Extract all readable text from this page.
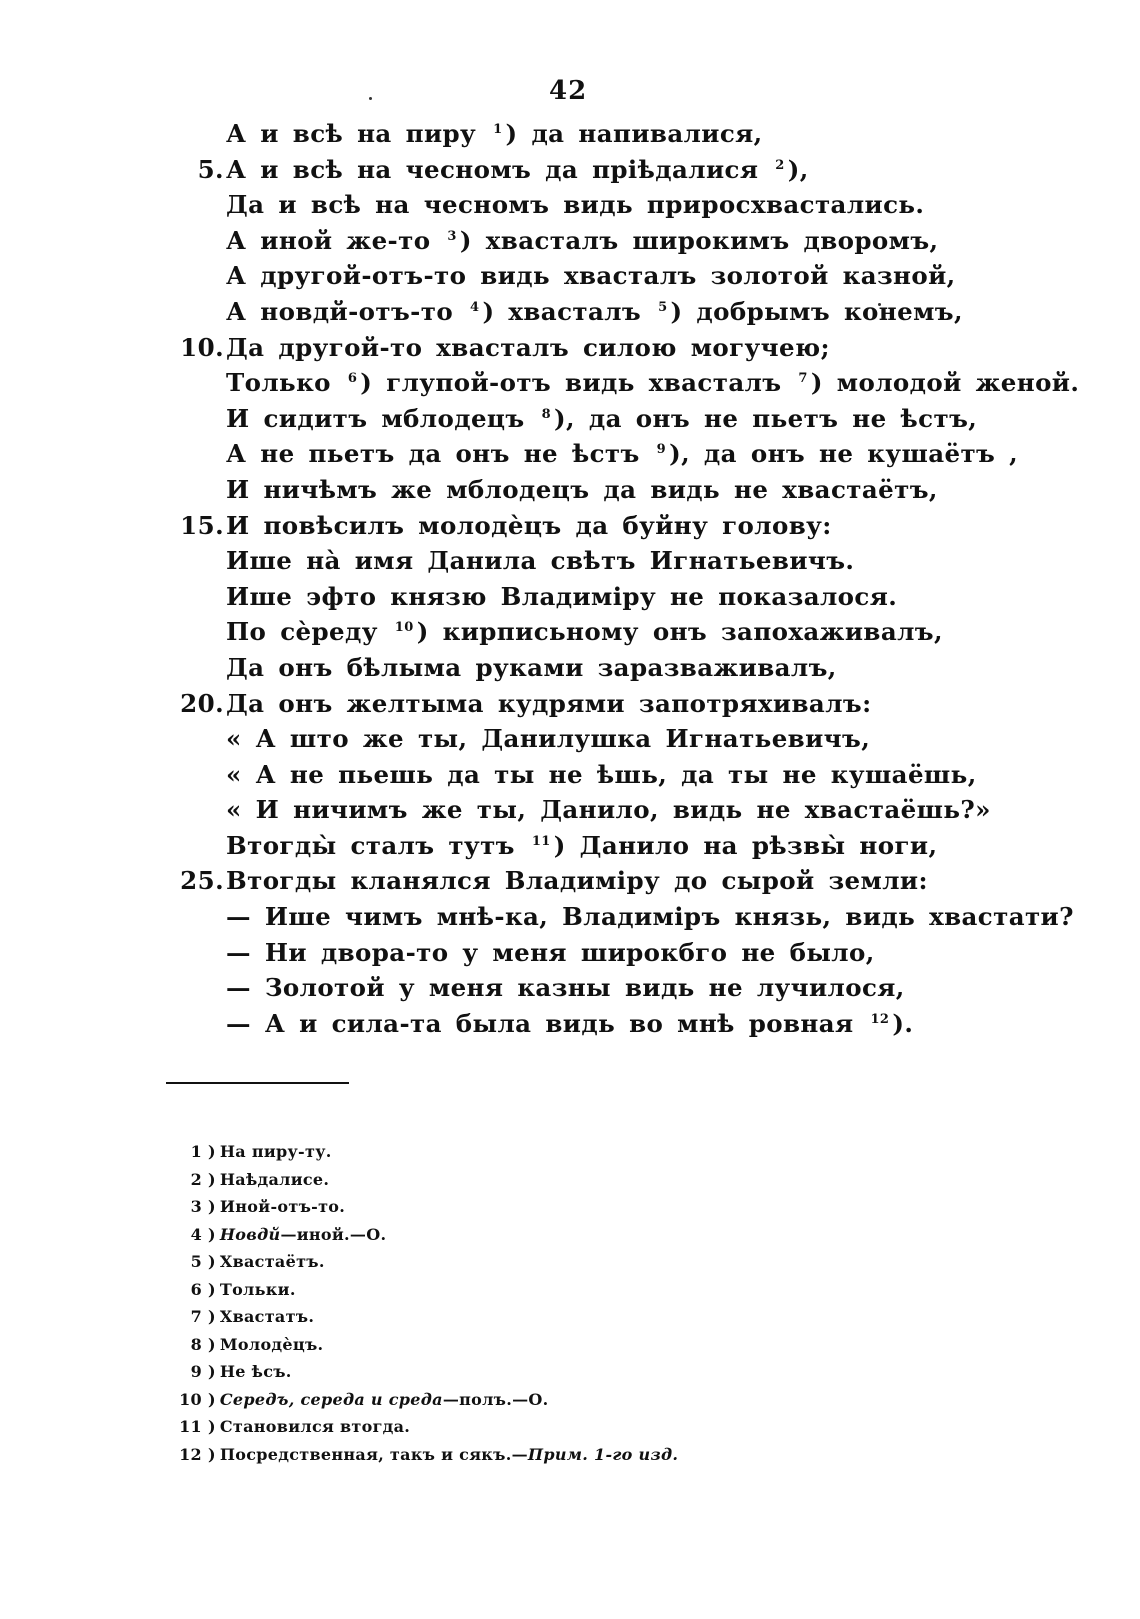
42
А и всѣ на пиру $^1$ ) да напивалися,
5.А и всѣ на чесномъ да прiѣдалися $^2$ ),
Да и всѣ на чесномъ видь прирoсхвастались.
А иной же-то $^3$ ) хвасталъ широкимъ дворомъ,
А другой-отъ-то видь хвасталъ золотой казной,
А новдй-отъ-то $^4$ ) хвасталъ $^5$ ) добрымъ конемъ,
10.Да другой-то хвасталъ силою могучею;
Только $^6$ ) глупой-отъ видь хвасталъ $^7$ ) молодой женой.
И сидитъ мблодецъ $^8$ ), да онъ не пьетъ не ѣстъ,
А не пьетъ да онъ не ѣстъ $^9$ ), да онъ не кушаётъ ,
И ничѣмъ же мблодецъ да видь не хвастаётъ,
15.И повѣсилъ молодѐцъ да буйну голову:
Ише нà имя Данила свѣтъ Игнатьевичъ.
Ише эфто князю Владимiру не показалося.
По сѐреду $^{10}$ ) кирписьному онъ запохаживалъ,
Да онъ бѣлыма руками заразваживалъ,
20.Да онъ желтыма кудрями запотряхивалъ:
« А што же ты, Данилушка Игнатьевичъ,
« А не пьешь да ты не ѣшь, да ты не кушаёшь,
« И ничимъ же ты, Данило, видь не хвастаёшь?»
Втогды̀ сталъ тутъ $^{11}$ ) Данило на рѣзвы̀ ноги,
25.Втогды кланялся Владимiру до сырой земли:
— Ише чимъ мнѣ-ка, Владимiръ князь, видь хвастати?
— Ни двора-то у меня широкбго не было,
— Золотой у меня казны видь не лучилося,
— А и сила-та была видь во мнѣ ровная $^{12}$ ).
1 ) На пиру-ту.
2 ) Наѣдалисе.
3 ) Иной-отъ-то.
4 ) Новдй—иной.—О.
5 ) Хвастаётъ.
6 ) Тольки.
7 ) Хвастатъ.
8 ) Молодѐцъ.
9 ) Не ѣсъ.
10 ) Середъ, середа и среда—полъ.—О.
11 ) Становился втогда.
12 ) Посредственная, такъ и сякъ.—Прим. 1-го изд.
